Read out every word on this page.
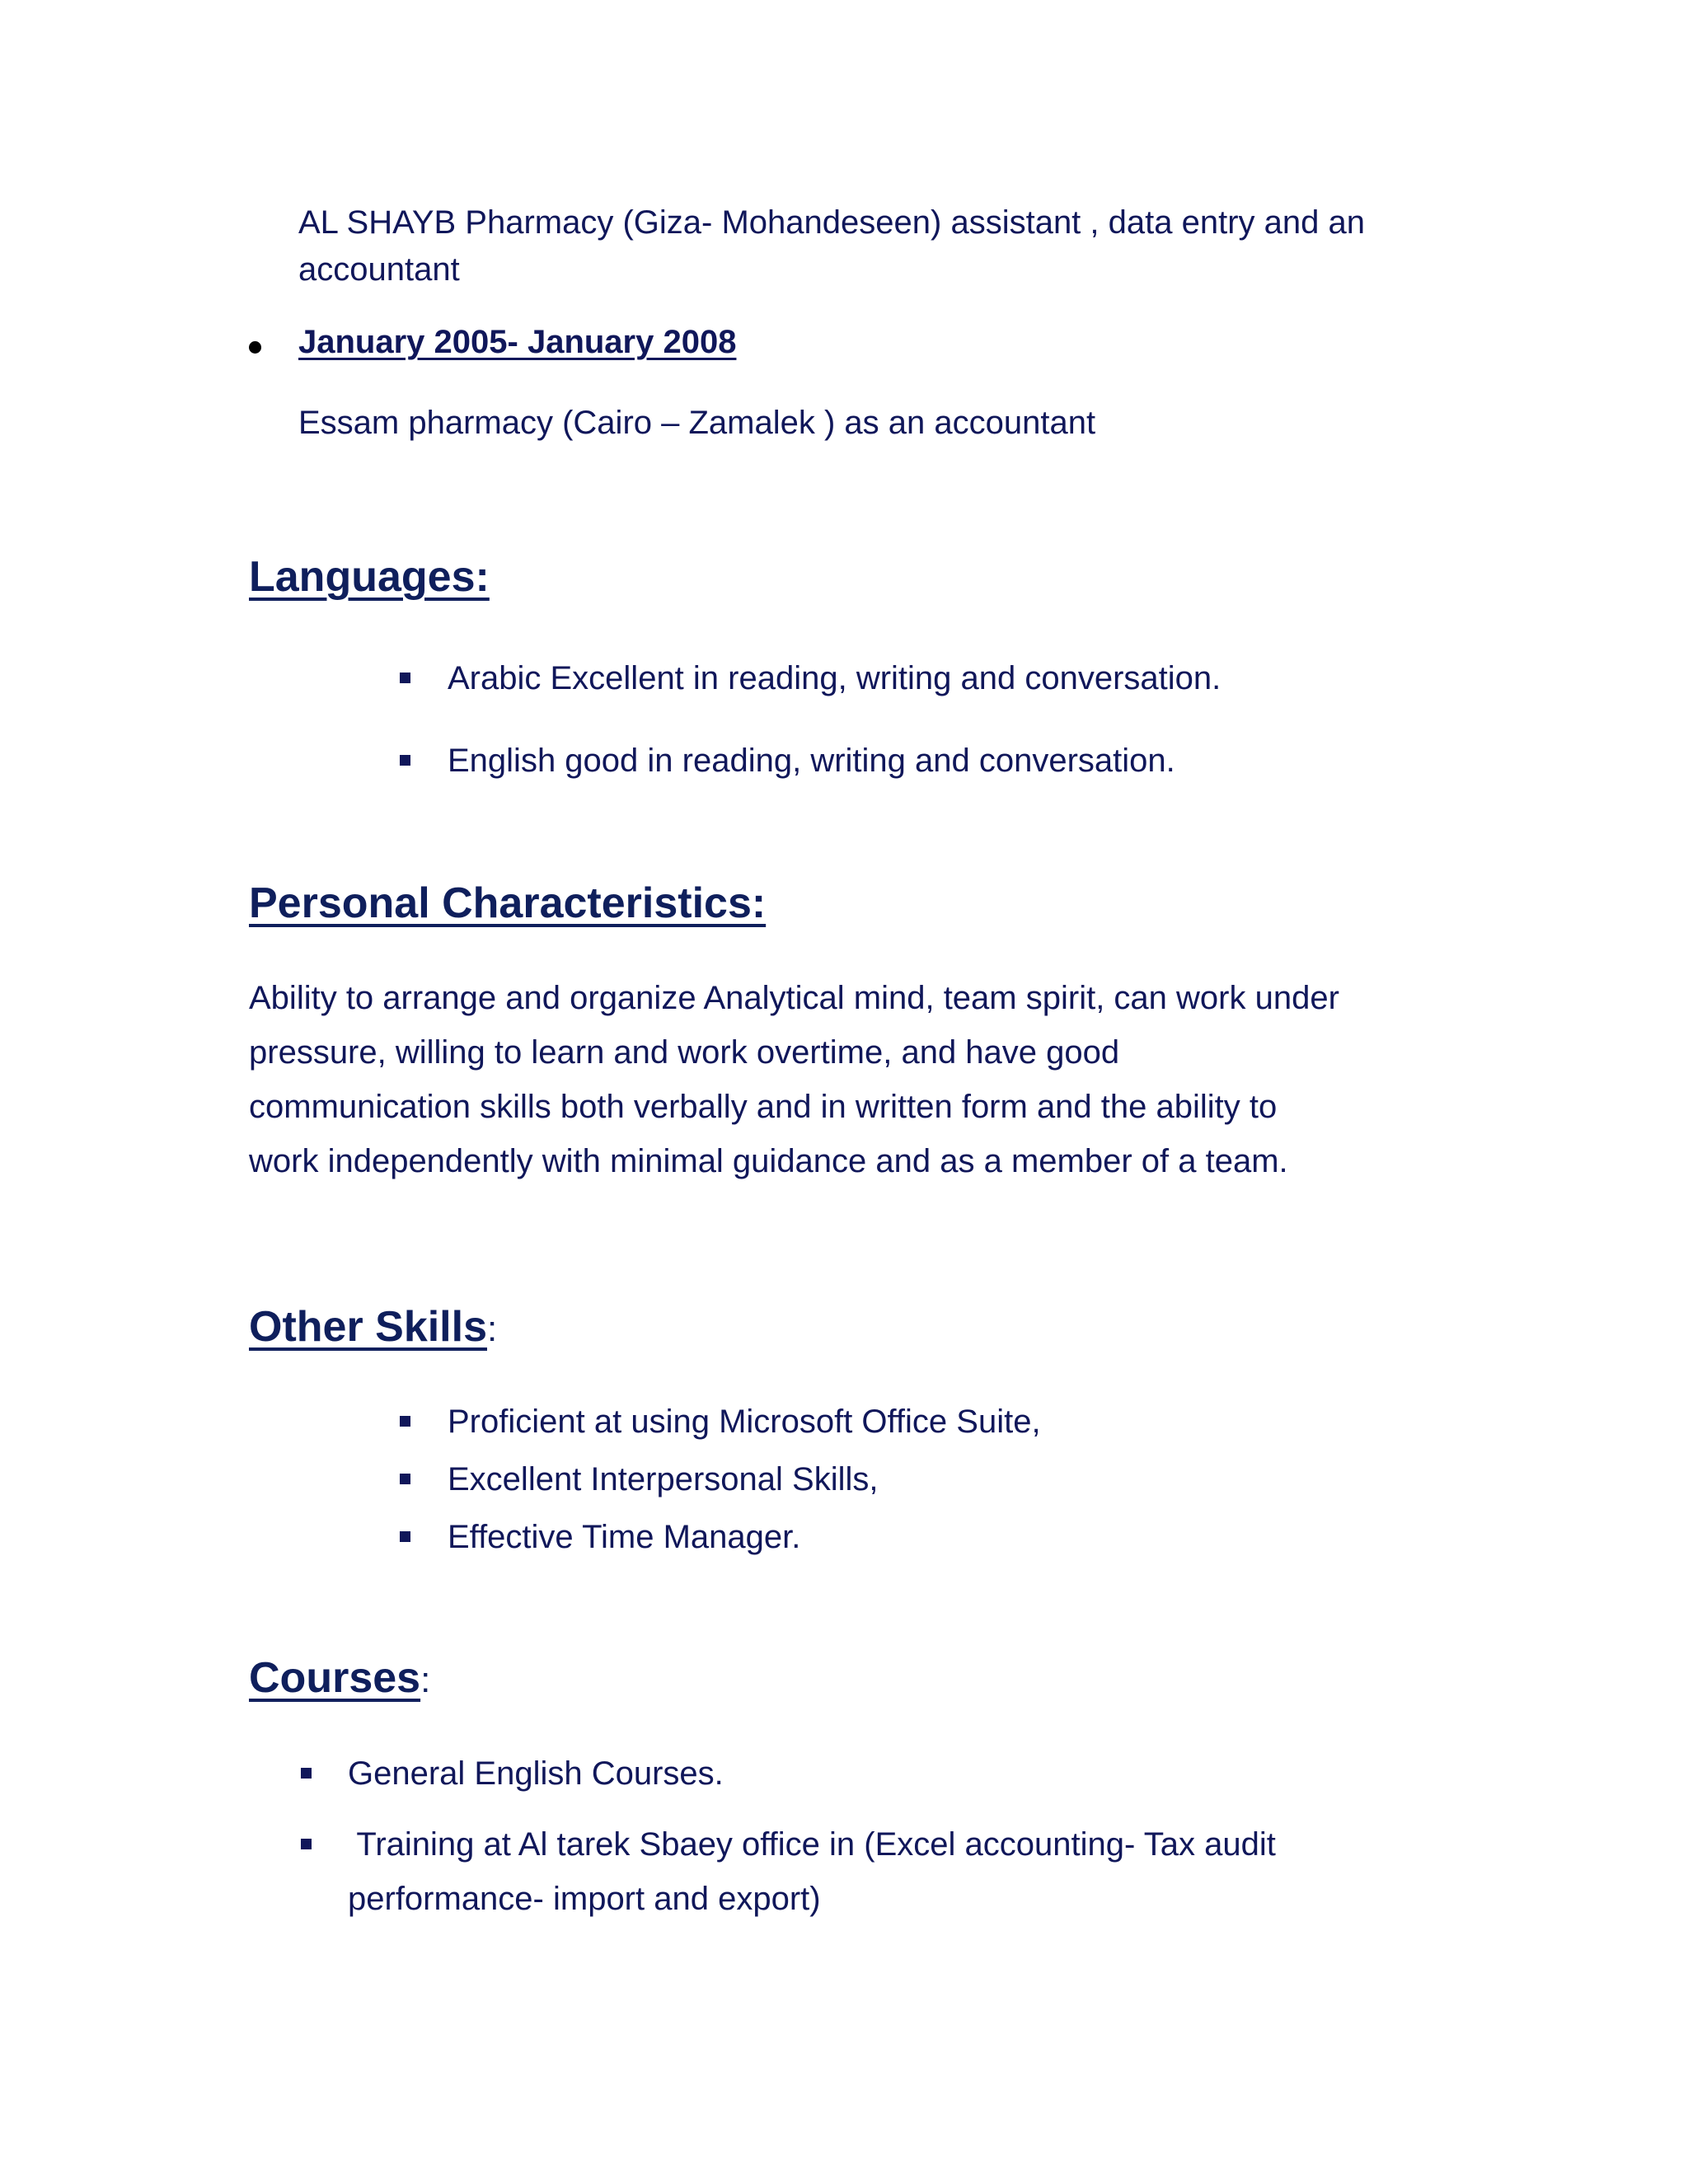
AL SHAYB Pharmacy (Giza- Mohandeseen) assistant , data entry and an
accountant
January 2005- January 2008
Essam pharmacy (Cairo – Zamalek ) as an accountant
Languages:
Arabic Excellent in reading, writing and conversation.
English good in reading, writing and conversation.
Personal Characteristics:
Ability to arrange and organize Analytical mind, team spirit, can work under
pressure, willing to learn and work overtime, and have good
communication skills both verbally and in written form and the ability to
work independently with minimal guidance and as a member of a team.
Other Skills:
Proficient at using Microsoft Office Suite,
Excellent Interpersonal Skills,
Effective Time Manager.
Courses:
General English Courses.
Training at Al tarek Sbaey office in (Excel accounting- Tax audit
performance- import and export)
